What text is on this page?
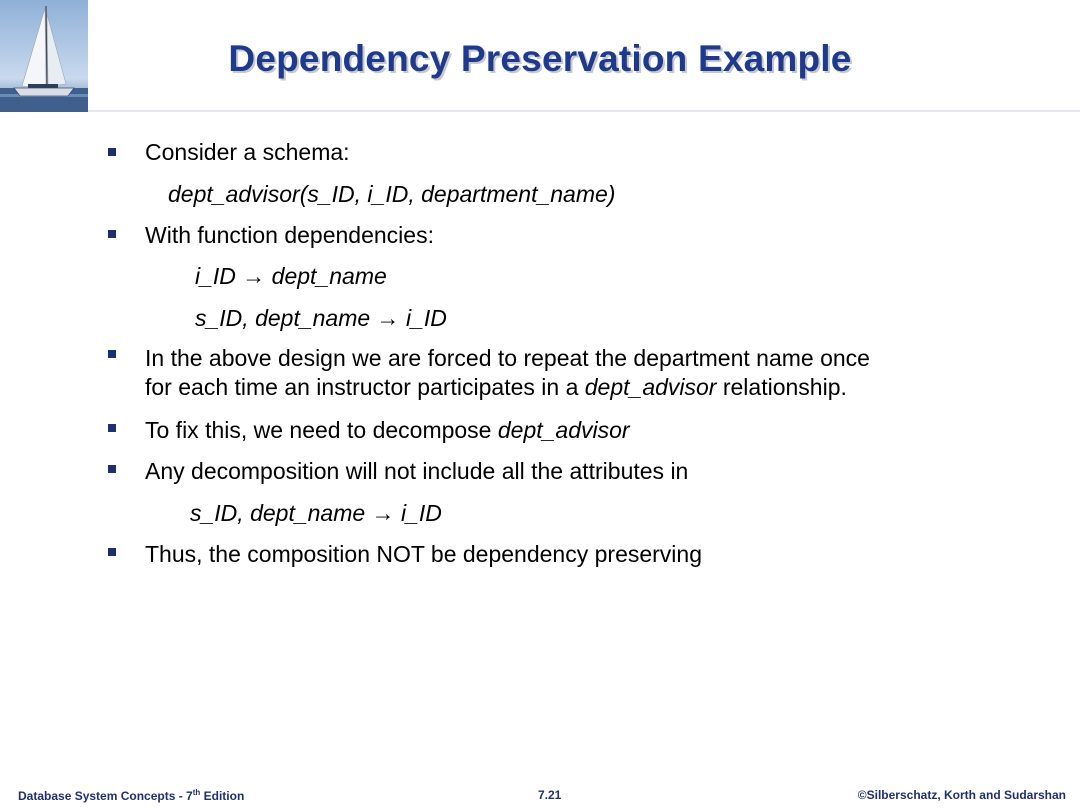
Dependency Preservation Example
Consider a schema:
dept_advisor(s_ID, i_ID, department_name)
With function dependencies:
i_ID → dept_name
s_ID, dept_name → i_ID
In the above design we are forced to repeat the department name once
for each time an instructor participates in a dept_advisor relationship.
To fix this, we need to decompose dept_advisor
Any decomposition will not include all the attributes in
s_ID, dept_name → i_ID
Thus, the composition NOT be dependency preserving
Database System Concepts - 7th Edition	7.21	©Silberschatz, Korth and Sudarshan
